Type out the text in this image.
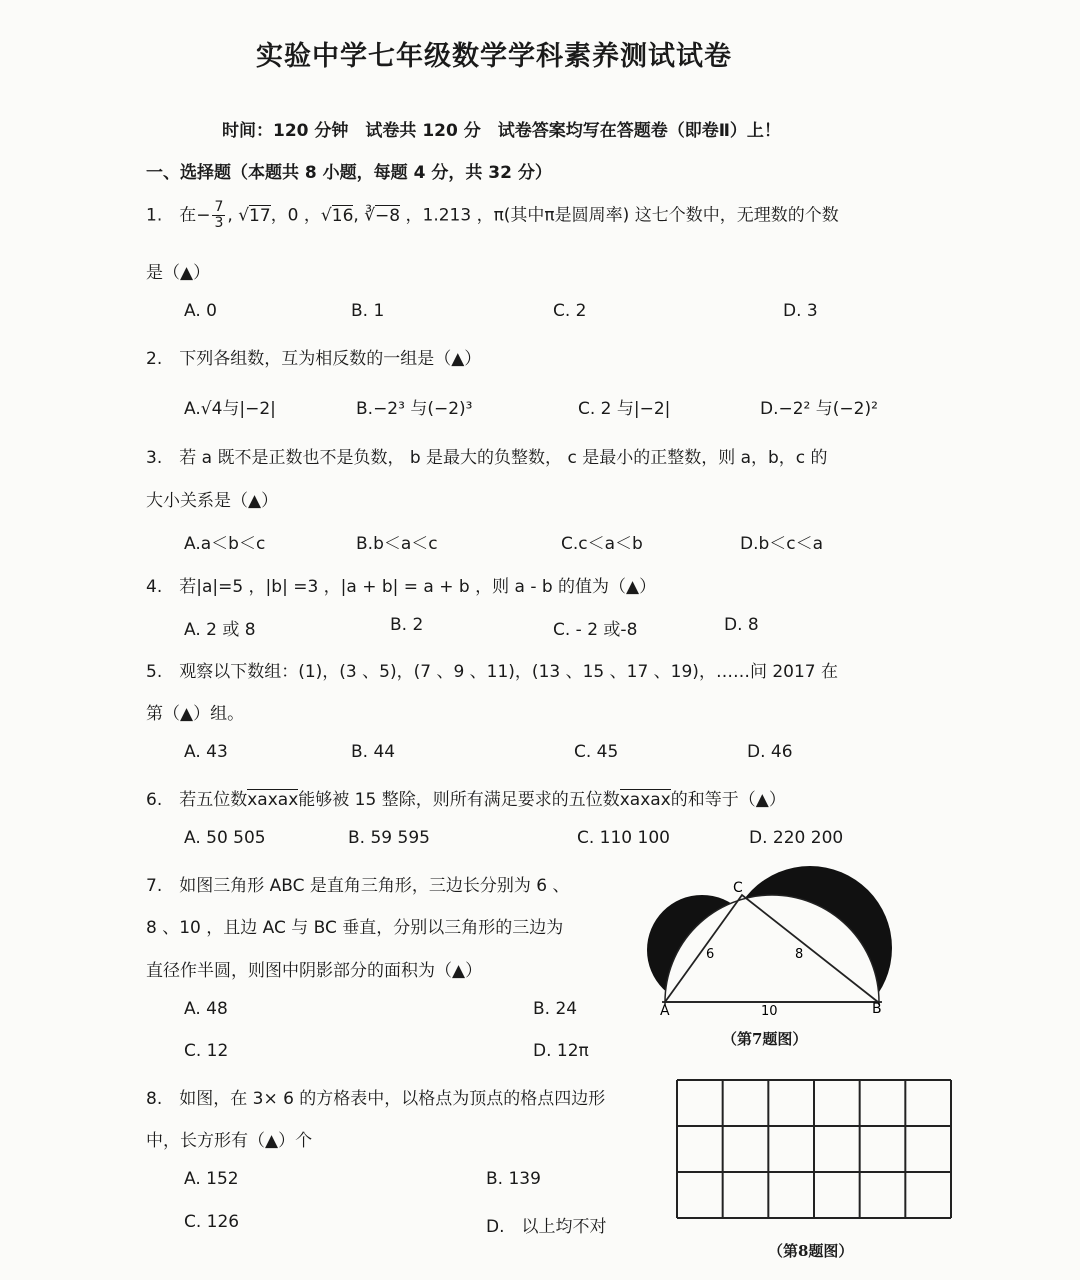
实验中学七年级数学学科素养测试试卷
时间：120 分钟　试卷共 120 分　试卷答案均写在答题卷（即卷Ⅱ）上！
一、选择题（本题共 8 小题，每题 4 分，共 32 分）
1.　在− $\frac{7}{3}$ , √17，0 ，√16, ∛−8 ，1.213 ，π(其中π是圆周率) 这七个数中，无理数的个数
是（▲）
A. 0	B. 1	C. 2	D. 3
2.　下列各组数，互为相反数的一组是（▲）
A.√4与|−2|	B.−2³ 与(−2)³	C. 2 与|−2|	D.−2² 与(−2)²
3.　若 a 既不是正数也不是负数， b 是最大的负整数， c 是最小的正整数，则 a，b，c 的
大小关系是（▲）
A.a＜b＜c	B.b＜a＜c	C.c＜a＜b	D.b＜c＜a
4.　若|a|=5 ，|b| =3 ，|a + b| = a + b ，则 a - b 的值为（▲）
A. 2 或 8	B. 2	C. - 2 或-8	D. 8
5.　观察以下数组：(1)，(3 、5)，(7 、9 、11)，(13 、15 、17 、19)，……问 2017 在
第（▲）组。
A. 43	B. 44	C. 45	D. 46
6.　若五位数xaxax能够被 15 整除，则所有满足要求的五位数xaxax的和等于（▲）
A. 50 505	B. 59 595	C. 110 100	D. 220 200
7.　如图三角形 ABC 是直角三角形，三边长分别为 6 、
8 、10 ，且边 AC 与 BC 垂直，分别以三角形的三边为
直径作半圆，则图中阴影部分的面积为（▲）
A. 48	B. 24
C. 12	D. 12π
A	B
C
6	8
10
（第7题图）
8.　如图，在 3× 6 的方格表中，以格点为顶点的格点四边形
中，长方形有（▲）个
A. 152	B. 139
C. 126	D.　以上均不对
（第8题图）
